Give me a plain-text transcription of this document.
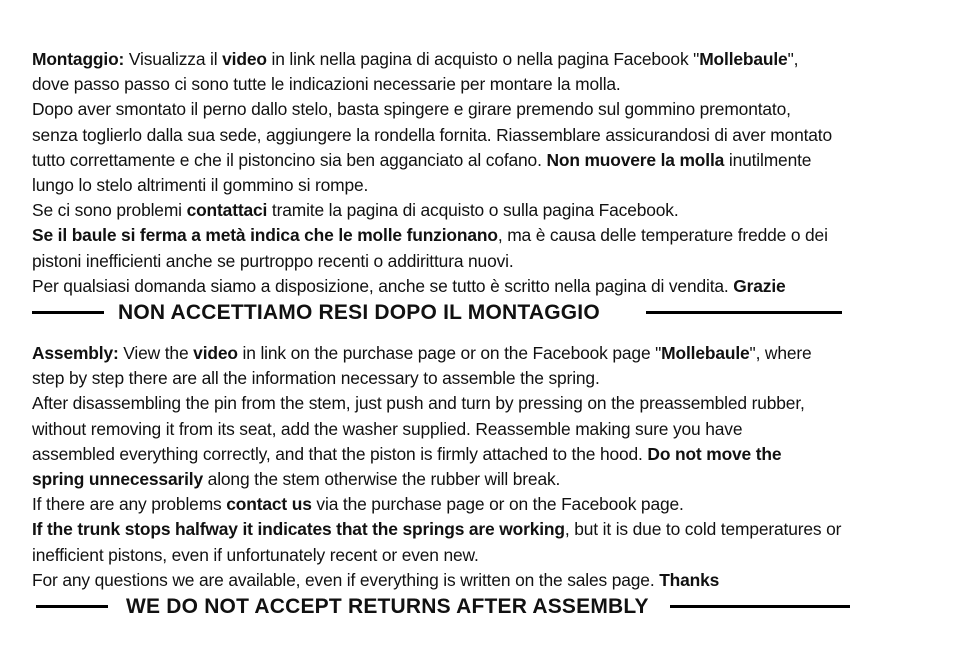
Montaggio: Visualizza il video in link nella pagina di acquisto o nella pagina Facebook "Mollebaule",

dove passo passo ci sono tutte le indicazioni necessarie per montare la molla.

Dopo aver smontato il perno dallo stelo, basta spingere e girare premendo sul gommino premontato,

senza toglierlo dalla sua sede, aggiungere la rondella fornita. Riassemblare assicurandosi di aver montato

tutto correttamente e che il pistoncino sia ben agganciato al cofano. Non muovere la molla inutilmente

lungo lo stelo altrimenti il gommino si rompe.

Se ci sono problemi contattaci tramite la pagina di acquisto o sulla pagina Facebook.

Se il baule si ferma a metà indica che le molle funzionano, ma è causa delle temperature fredde o dei

pistoni inefficienti anche se purtroppo recenti o addirittura nuovi.

Per qualsiasi domanda siamo a disposizione, anche se tutto è scritto nella pagina di vendita. Grazie

NON ACCETTIAMO RESI DOPO IL MONTAGGIO

Assembly: View the video in link on the purchase page or on the Facebook page "Mollebaule", where

step by step there are all the information necessary to assemble the spring.

After disassembling the pin from the stem, just push and turn by pressing on the preassembled rubber,

without removing it from its seat, add the washer supplied. Reassemble making sure you have

assembled everything correctly, and that the piston is firmly attached to the hood. Do not move the

spring unnecessarily along the stem otherwise the rubber will break.

If there are any problems contact us via the purchase page or on the Facebook page.

If the trunk stops halfway it indicates that the springs are working, but it is due to cold temperatures or

inefficient pistons, even if unfortunately recent or even new.

For any questions we are available, even if everything is written on the sales page. Thanks

WE DO NOT ACCEPT RETURNS AFTER ASSEMBLY
